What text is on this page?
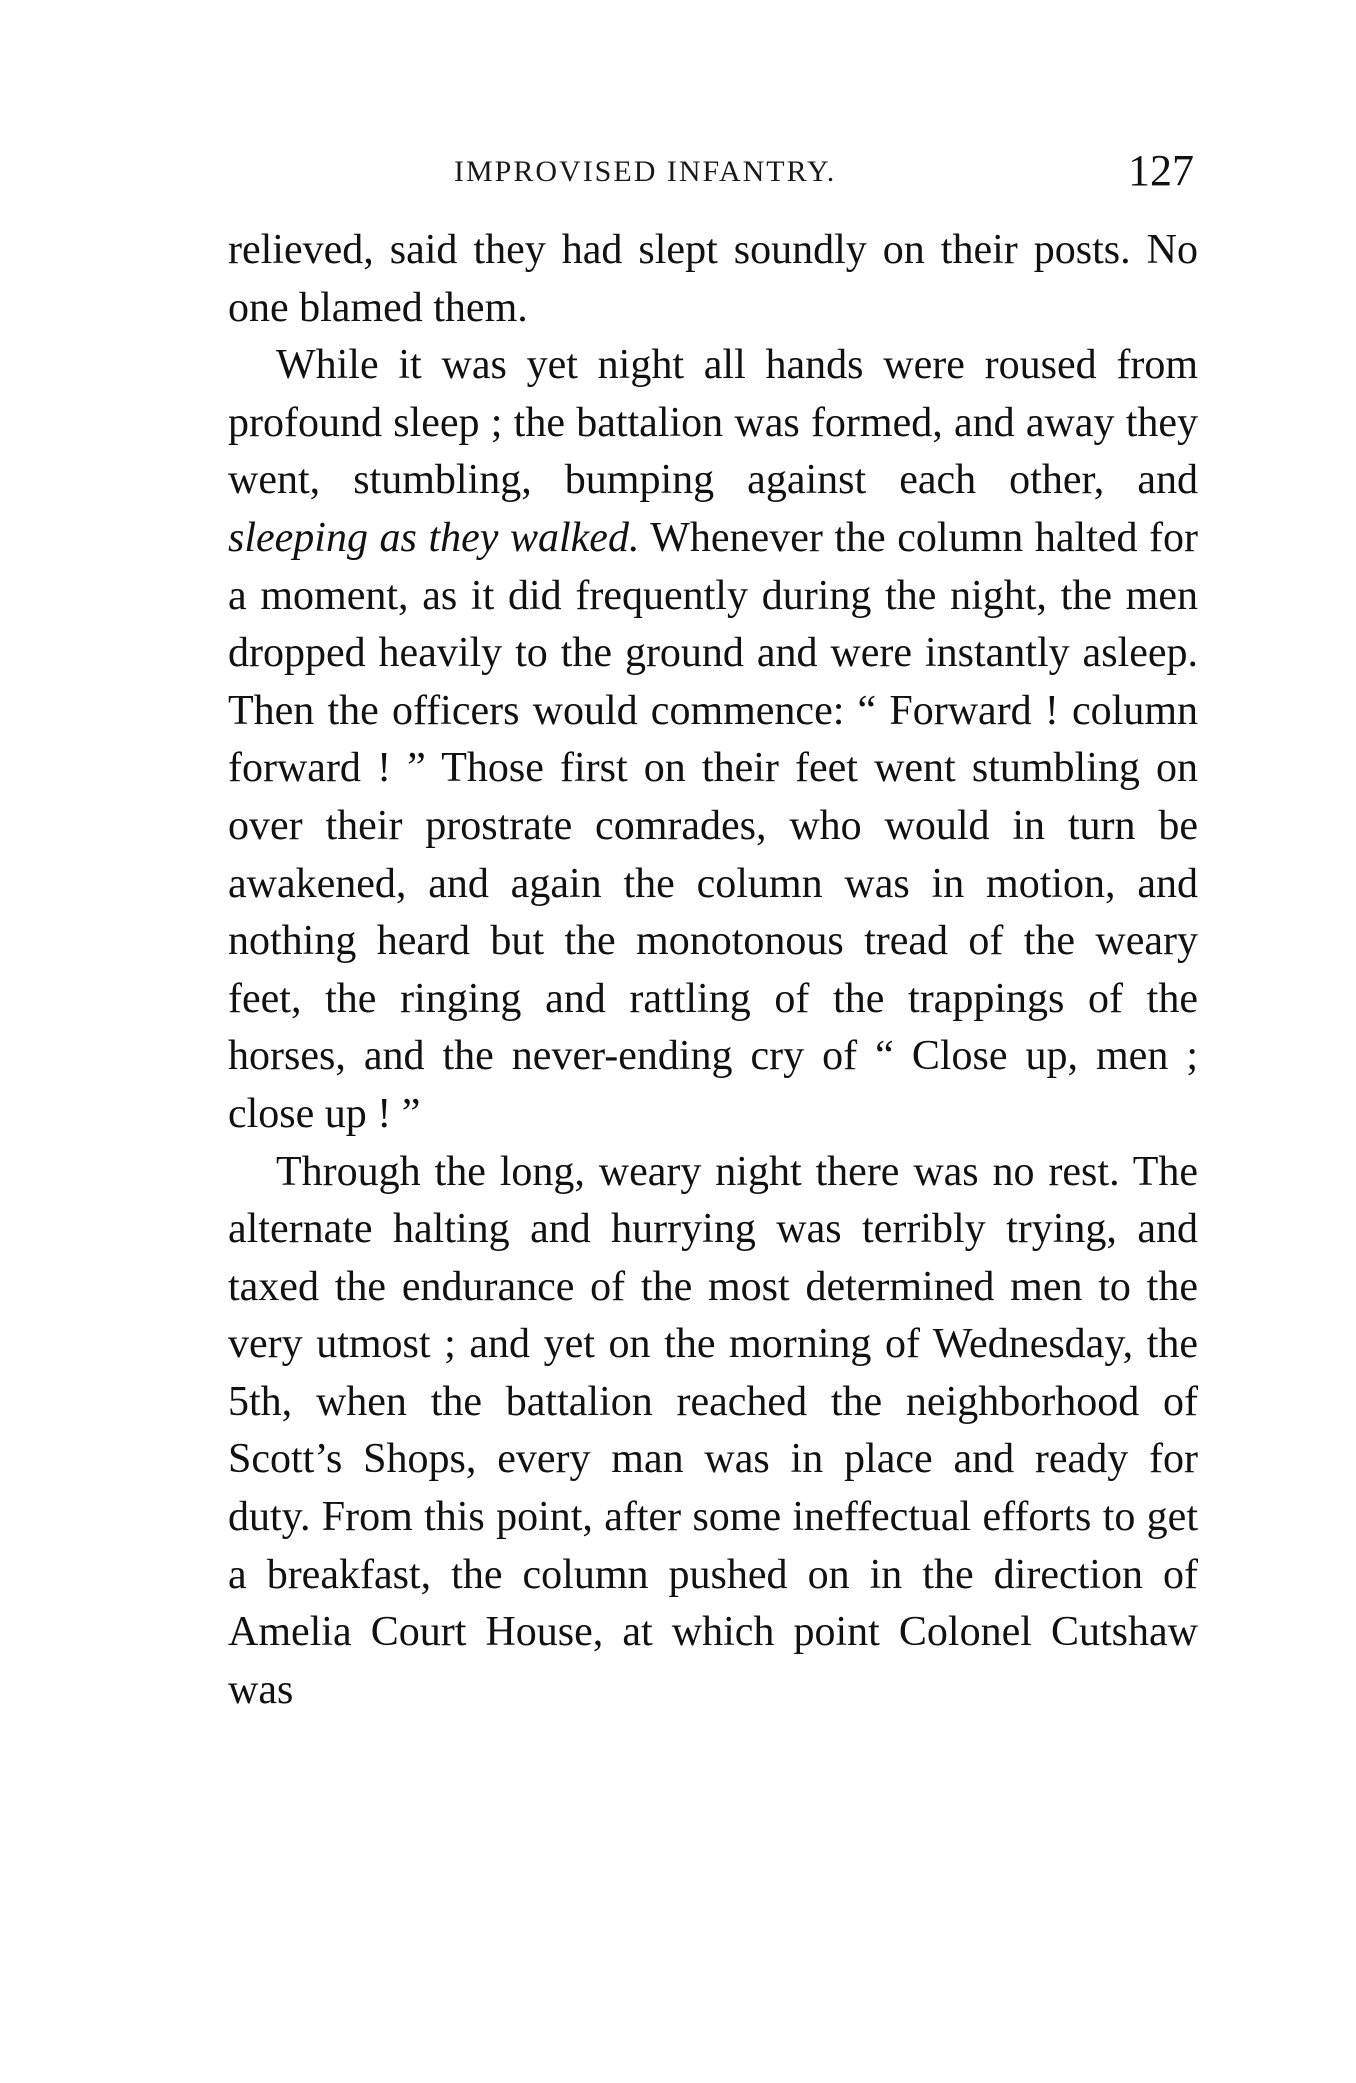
IMPROVISED INFANTRY.	127

relieved, said they had slept soundly on their posts. No one blamed them.

While it was yet night all hands were roused from profound sleep ; the battalion was formed, and away they went, stumbling, bumping against each other, and sleeping as they walked. Whenever the column halted for a moment, as it did frequently during the night, the men dropped heavily to the ground and were instantly asleep. Then the officers would commence: “ Forward ! column forward ! ” Those first on their feet went stumbling on over their prostrate comrades, who would in turn be awakened, and again the column was in motion, and nothing heard but the monotonous tread of the weary feet, the ringing and rattling of the trappings of the horses, and the never-ending cry of “ Close up, men ; close up ! ”

Through the long, weary night there was no rest. The alternate halting and hurrying was terribly trying, and taxed the endurance of the most determined men to the very utmost ; and yet on the morning of Wednesday, the 5th, when the battalion reached the neighborhood of Scott’s Shops, every man was in place and ready for duty. From this point, after some ineffectual efforts to get a breakfast, the column pushed on in the direction of Amelia Court House, at which point Colonel Cutshaw was
